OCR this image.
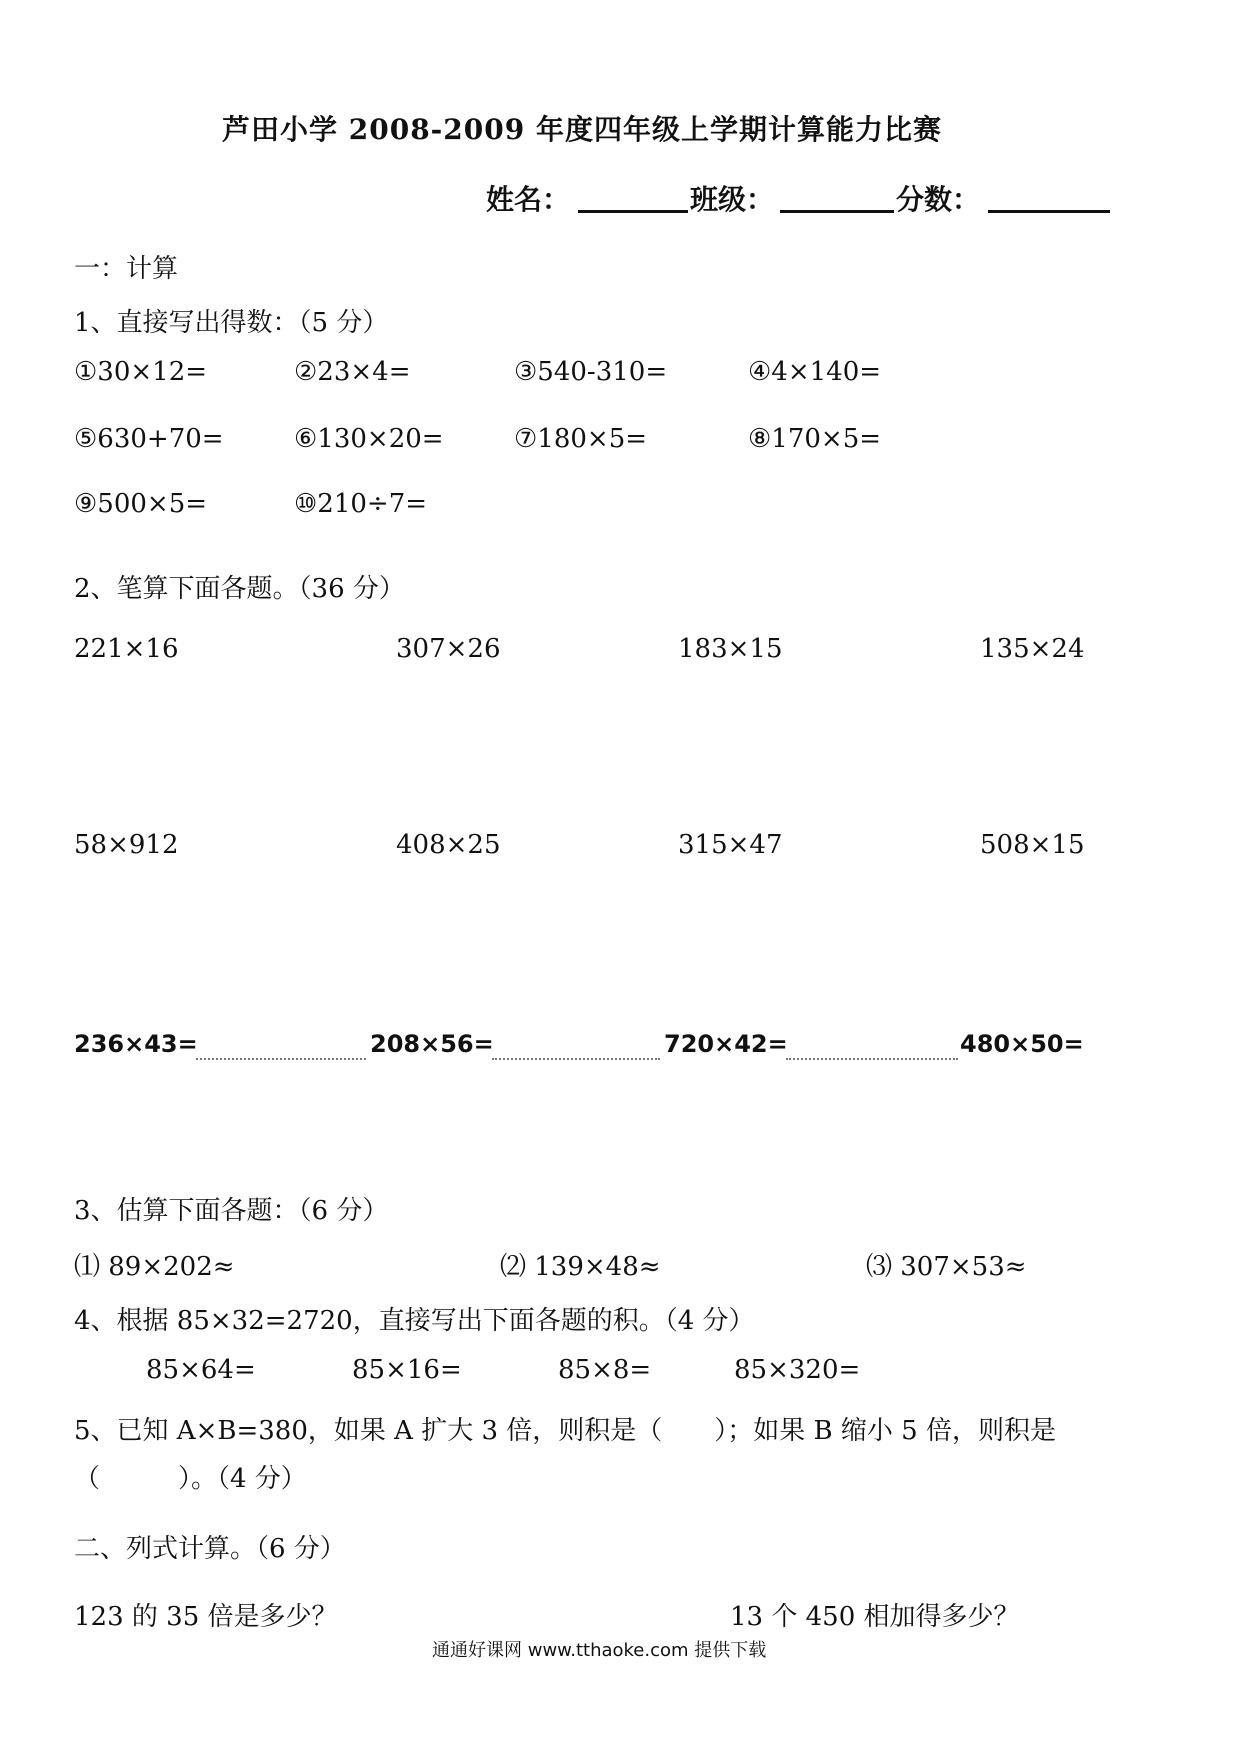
芦田小学 2008-2009 年度四年级上学期计算能力比赛
姓名：	班级：	分数：
一：计算
1、直接写出得数：（5 分）
①30×12=	②23×4=	③540-310=	④4×140=
⑤630+70=	⑥130×20=	⑦180×5=	⑧170×5=
⑨500×5=	⑩210÷7=
2、笔算下面各题。（36 分）
221×16	307×26	183×15	135×24
58×912	408×25	315×47	508×15
236×43=	208×56=	720×42=	480×50=
3、估算下面各题：（6 分）
⑴ 89×202≈	⑵ 139×48≈	⑶ 307×53≈
4、根据 85×32=2720，直接写出下面各题的积。（4 分）
85×64=	85×16=	85×8=	85×320=
5、已知 A×B=380，如果 A 扩大 3 倍，则积是（　　）；如果 B 缩小 5 倍，则积是
（　　　）。（4 分）
二、列式计算。（6 分）
123 的 35 倍是多少？	13 个 450 相加得多少？
通通好课网 www.tthaoke.com 提供下载
